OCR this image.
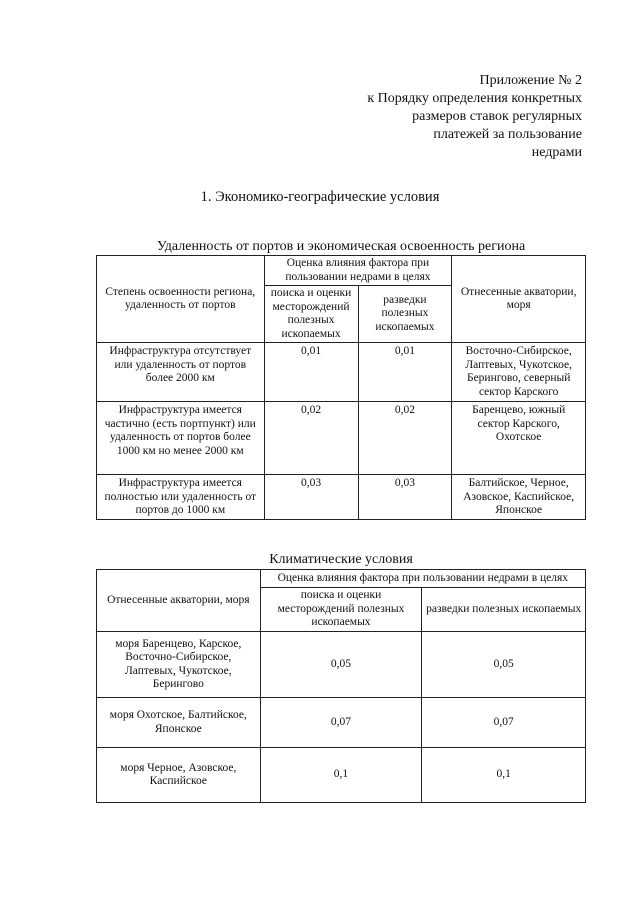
Приложение № 2
к Порядку определения конкретных
размеров ставок регулярных
платежей за пользование
недрами
1. Экономико-географические условия
Удаленность от портов и экономическая освоенность региона
Степень освоенности региона, удаленность от портов	Оценка влияния фактора при пользовании недрами в целях		Отнесенные акватории, моря
	поиска и оценки месторождений полезных ископаемых	разведки полезных ископаемых	
Инфраструктура отсутствует или удаленность от портов более 2000 км	0,01	0,01	Восточно-Сибирское, Лаптевых, Чукотское, Берингово, северный сектор Карского
Инфраструктура имеется частично (есть портпункт) или удаленность от портов более 1000 км но менее 2000 км	0,02	0,02	Баренцево, южный сектор Карского, Охотское
Инфраструктура имеется полностью или удаленность от портов до 1000 км	0,03	0,03	Балтийское, Черное, Азовское, Каспийское, Японское
Климатические условия
Отнесенные акватории, моря	Оценка влияния фактора при пользовании недрами в целях	
	поиска и оценки месторождений полезных ископаемых	разведки полезных ископаемых
моря Баренцево, Карское, Восточно-Сибирское, Лаптевых, Чукотское, Берингово	0,05	0,05
моря Охотское, Балтийское, Японское	0,07	0,07
моря Черное, Азовское, Каспийское	0,1	0,1
